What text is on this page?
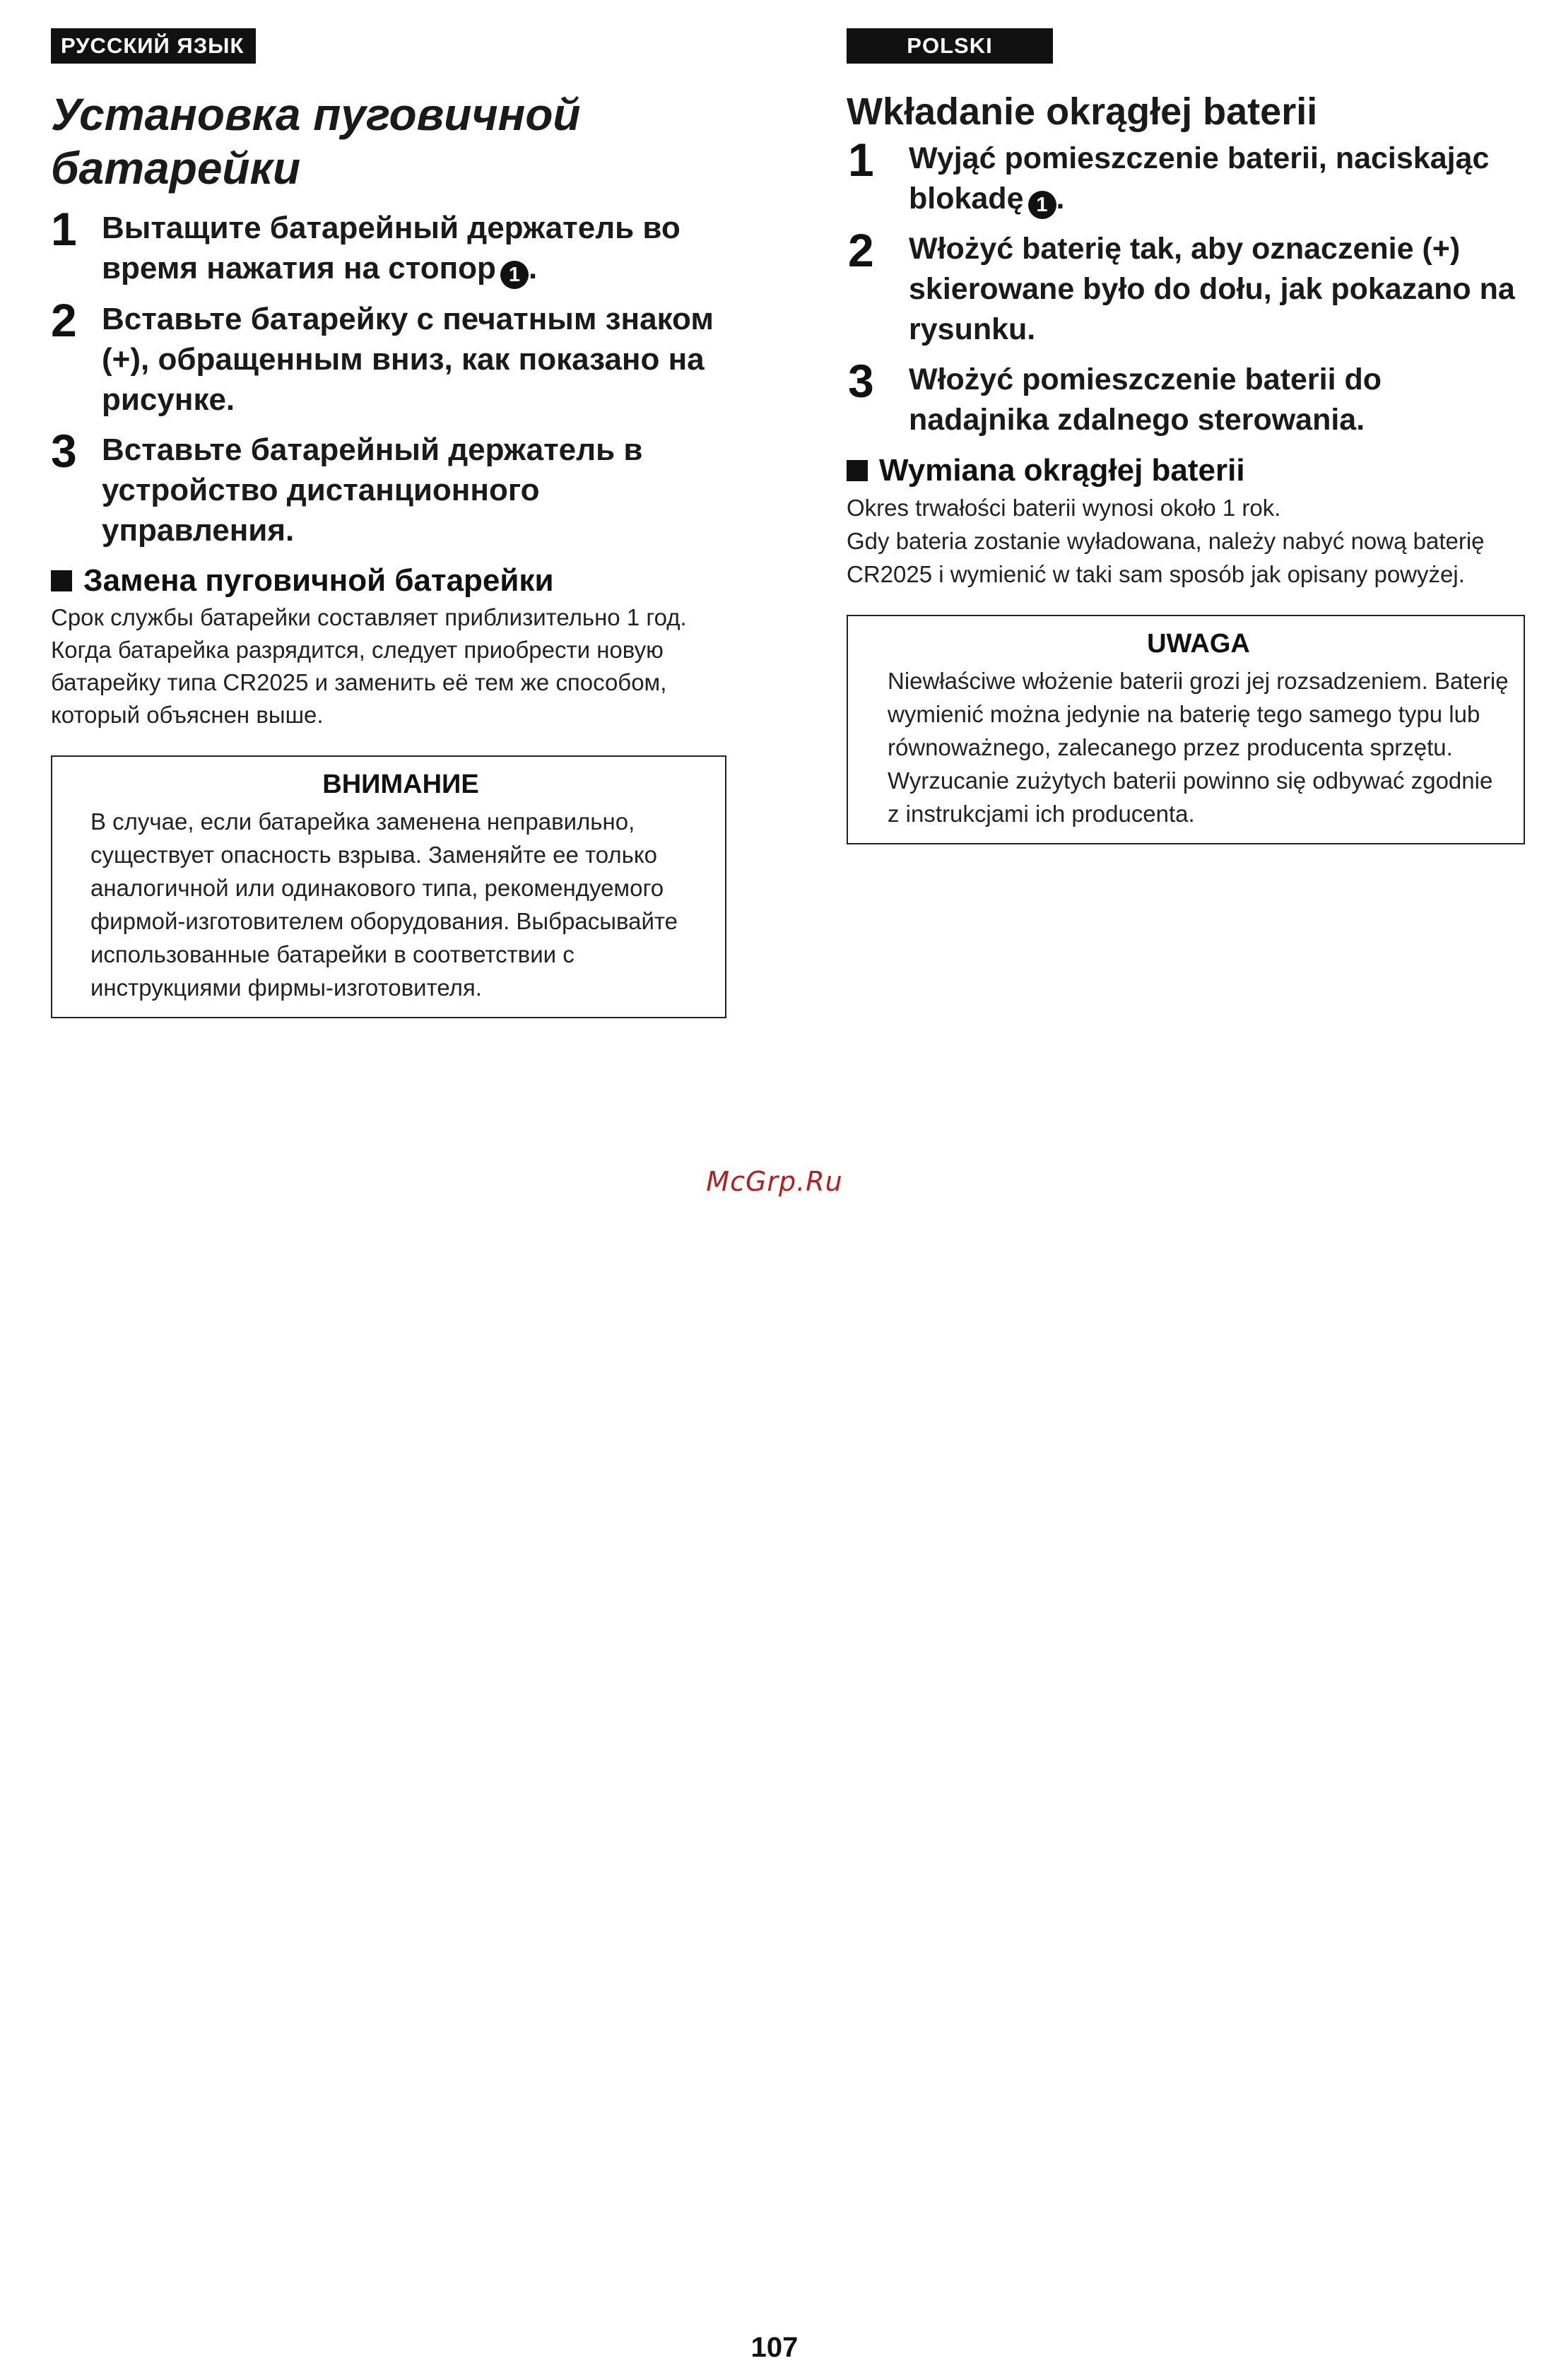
РУССКИЙ ЯЗЫК
Установка пуговичной
батарейки
1 Вытащите батарейный держатель во время нажатия на стопор 1 .
2 Вставьте батарейку с печатным знаком (+), обращенным вниз, как показано на рисунке.
3 Вставьте батарейный держатель в устройство дистанционного управления.
Замена пуговичной батарейки

Срок службы батарейки составляет приблизительно 1 год.

Когда батарейка разрядится, следует приобрести новую батарейку типа CR2025 и заменить её тем же способом, который объяснен выше.

ВНИМАНИЕ

В случае, если батарейка заменена неправильно, существует опасность взрыва. Заменяйте ее только аналогичной или одинакового типа, рекомендуемого фирмой-изготовителем оборудования. Выбрасывайте использованные батарейки в соответствии с инструкциями фирмы-изготовителя.

POLSKI
Wkładanie okrągłej baterii
1	Wyjąć pomieszczenie baterii, naciskając blokadę 1 .
2	Włożyć baterię tak, aby oznaczenie (+) skierowane było do dołu, jak pokazano na rysunku.
3	Włożyć pomieszczenie baterii do nadajnika zdalnego sterowania.
Wymiana okrągłej baterii

Okres trwałości baterii wynosi około 1 rok.

Gdy bateria zostanie wyładowana, należy nabyć nową baterię CR2025 i wymienić w taki sam sposób jak opisany powyżej.

UWAGA

Niewłaściwe włożenie baterii grozi jej rozsadzeniem. Baterię wymienić można jedynie na baterię tego samego typu lub równoważnego, zalecanego przez producenta sprzętu. Wyrzucanie zużytych baterii powinno się odbywać zgodnie z instrukcjami ich producenta.

McGrp.Ru
107
